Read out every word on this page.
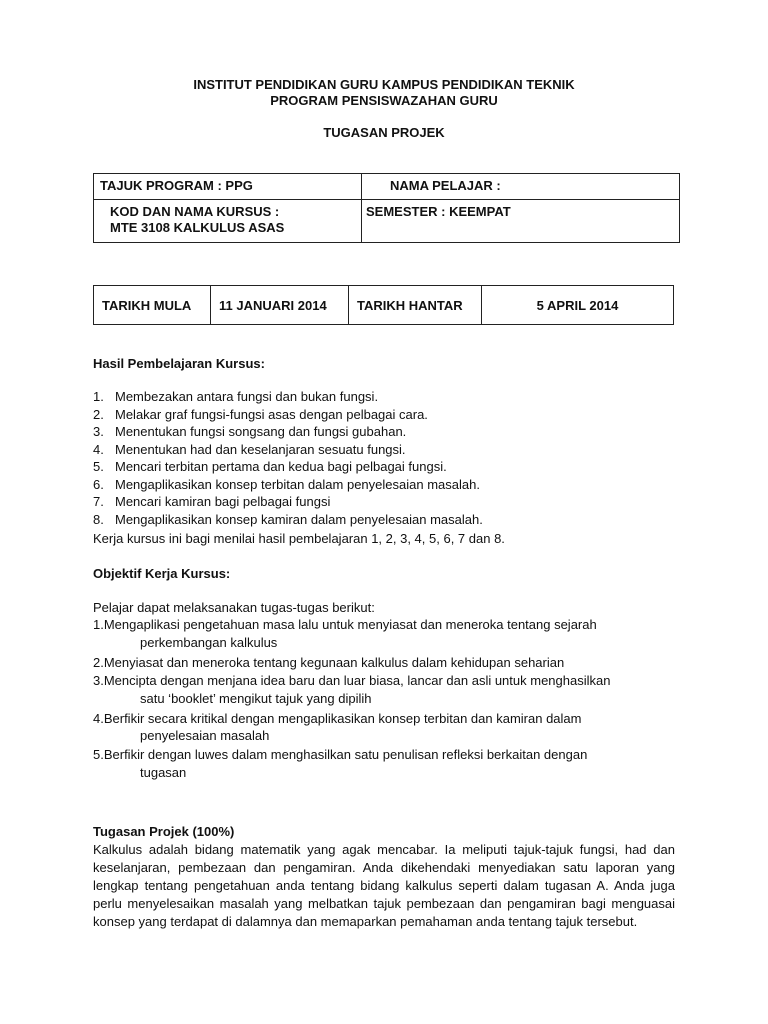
INSTITUT PENDIDIKAN GURU KAMPUS PENDIDIKAN TEKNIK
PROGRAM PENSISWAZAHAN GURU
TUGASAN PROJEK
TAJUK PROGRAM : PPG	NAMA PELAJAR :

KOD DAN NAMA KURSUS :
MTE 3108 KALKULUS ASAS	SEMESTER : KEEMPAT
TARIKH MULA	11 JANUARI 2014	TARIKH HANTAR	5 APRIL 2014
Hasil Pembelajaran Kursus:
1. Membezakan antara fungsi dan bukan fungsi.
2. Melakar graf fungsi-fungsi asas dengan pelbagai cara.
3. Menentukan fungsi songsang dan fungsi gubahan.
4. Menentukan had dan keselanjaran sesuatu fungsi.
5. Mencari terbitan pertama dan kedua bagi pelbagai fungsi.
6. Mengaplikasikan konsep terbitan dalam penyelesaian masalah.
7. Mencari kamiran bagi pelbagai fungsi
8. Mengaplikasikan konsep kamiran dalam penyelesaian masalah.
Kerja kursus ini bagi menilai hasil pembelajaran 1, 2, 3, 4, 5, 6, 7 dan 8.
Objektif Kerja Kursus:
Pelajar dapat melaksanakan tugas-tugas berikut:
1.Mengaplikasi pengetahuan masa lalu untuk menyiasat dan meneroka tentang sejarah
perkembangan kalkulus
2.Menyiasat dan meneroka tentang kegunaan kalkulus dalam kehidupan seharian
3.Mencipta dengan menjana idea baru dan luar biasa, lancar dan asli untuk menghasilkan
satu ‘booklet’ mengikut tajuk yang dipilih
4.Berfikir secara kritikal dengan mengaplikasikan konsep terbitan dan kamiran dalam
penyelesaian masalah
5.Berfikir dengan luwes dalam menghasilkan satu penulisan refleksi berkaitan dengan
tugasan
Tugasan Projek (100%)
Kalkulus adalah bidang matematik yang agak mencabar. Ia meliputi tajuk-tajuk fungsi, had dan keselanjaran, pembezaan dan pengamiran. Anda dikehendaki menyediakan satu laporan yang lengkap tentang pengetahuan anda tentang bidang kalkulus seperti dalam tugasan A. Anda juga perlu menyelesaikan masalah yang melbatkan tajuk pembezaan dan pengamiran bagi menguasai konsep yang terdapat di dalamnya dan memaparkan pemahaman anda tentang tajuk tersebut.
